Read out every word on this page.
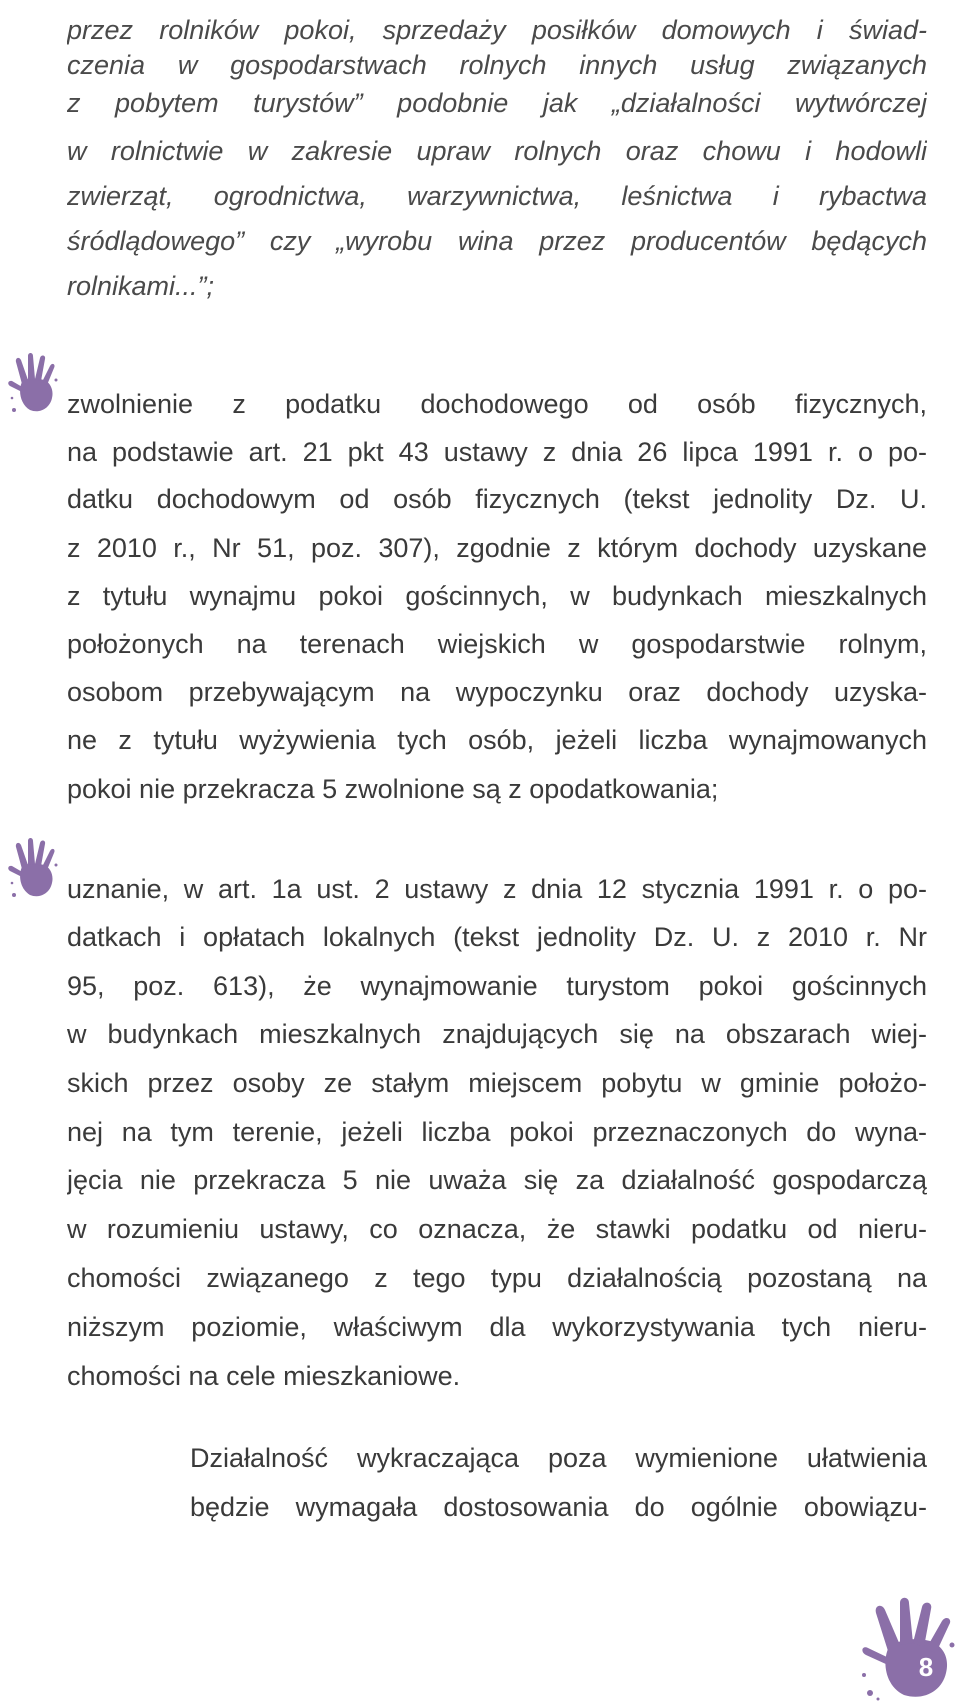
przez rolników pokoi, sprzedaży posiłków domowych i świad-
czenia w gospodarstwach rolnych innych usług związanych
z pobytem turystów” podobnie jak „działalności wytwórczej
w rolnictwie w zakresie upraw rolnych oraz chowu i hodowli
zwierząt, ogrodnictwa, warzywnictwa, leśnictwa i rybactwa
śródlądowego” czy „wyrobu wina przez producentów będących
rolnikami...”;
zwolnienie z podatku dochodowego od osób fizycznych,
na podstawie art. 21 pkt 43 ustawy z dnia 26 lipca 1991 r. o po-
datku dochodowym od osób fizycznych (tekst jednolity Dz. U.
z 2010 r., Nr 51, poz. 307), zgodnie z którym dochody uzyskane
z tytułu wynajmu pokoi gościnnych, w budynkach mieszkalnych
położonych na terenach wiejskich w gospodarstwie rolnym,
osobom przebywającym na wypoczynku oraz dochody uzyska-
ne z tytułu wyżywienia tych osób, jeżeli liczba wynajmowanych
pokoi nie przekracza 5 zwolnione są z opodatkowania;
uznanie, w art. 1a ust. 2 ustawy z dnia 12 stycznia 1991 r. o po-
datkach i opłatach lokalnych (tekst jednolity Dz. U. z 2010 r. Nr
95, poz. 613), że wynajmowanie turystom pokoi gościnnych
w budynkach mieszkalnych znajdujących się na obszarach wiej-
skich przez osoby ze stałym miejscem pobytu w gminie położo-
nej na tym terenie, jeżeli liczba pokoi przeznaczonych do wyna-
jęcia nie przekracza 5 nie uważa się za działalność gospodarczą
w rozumieniu ustawy, co oznacza, że stawki podatku od nieru-
chomości związanego z tego typu działalnością pozostaną na
niższym poziomie, właściwym dla wykorzystywania tych nieru-
chomości na cele mieszkaniowe.
Działalność wykraczająca poza wymienione ułatwienia
będzie wymagała dostosowania do ogólnie obowiązu-
8
